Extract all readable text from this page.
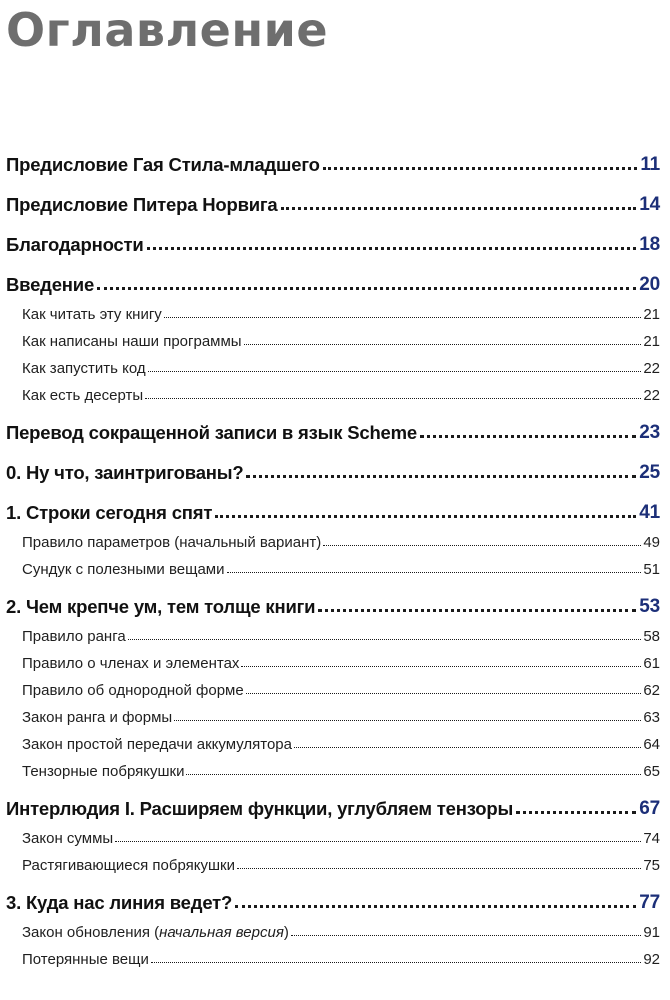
Оглавление
Предисловие Гая Стила-младшего	11
Предисловие Питера Норвига	14
Благодарности	18
Введение	20
Как читать эту книгу	21
Как написаны наши программы	21
Как запустить код	22
Как есть десерты	22
Перевод сокращенной записи в язык Scheme	23
0. Ну что, заинтригованы?	25
1. Строки сегодня спят	41
Правило параметров (начальный вариант)	49
Сундук с полезными вещами	51
2. Чем крепче ум, тем толще книги	53
Правило ранга	58
Правило о членах и элементах	61
Правило об однородной форме	62
Закон ранга и формы	63
Закон простой передачи аккумулятора	64
Тензорные побрякушки	65
Интерлюдия I. Расширяем функции, углубляем тензоры	67
Закон суммы	74
Растягивающиеся побрякушки	75
3. Куда нас линия ведет?	77
Закон обновления (начальная версия)	91
Потерянные вещи	92
